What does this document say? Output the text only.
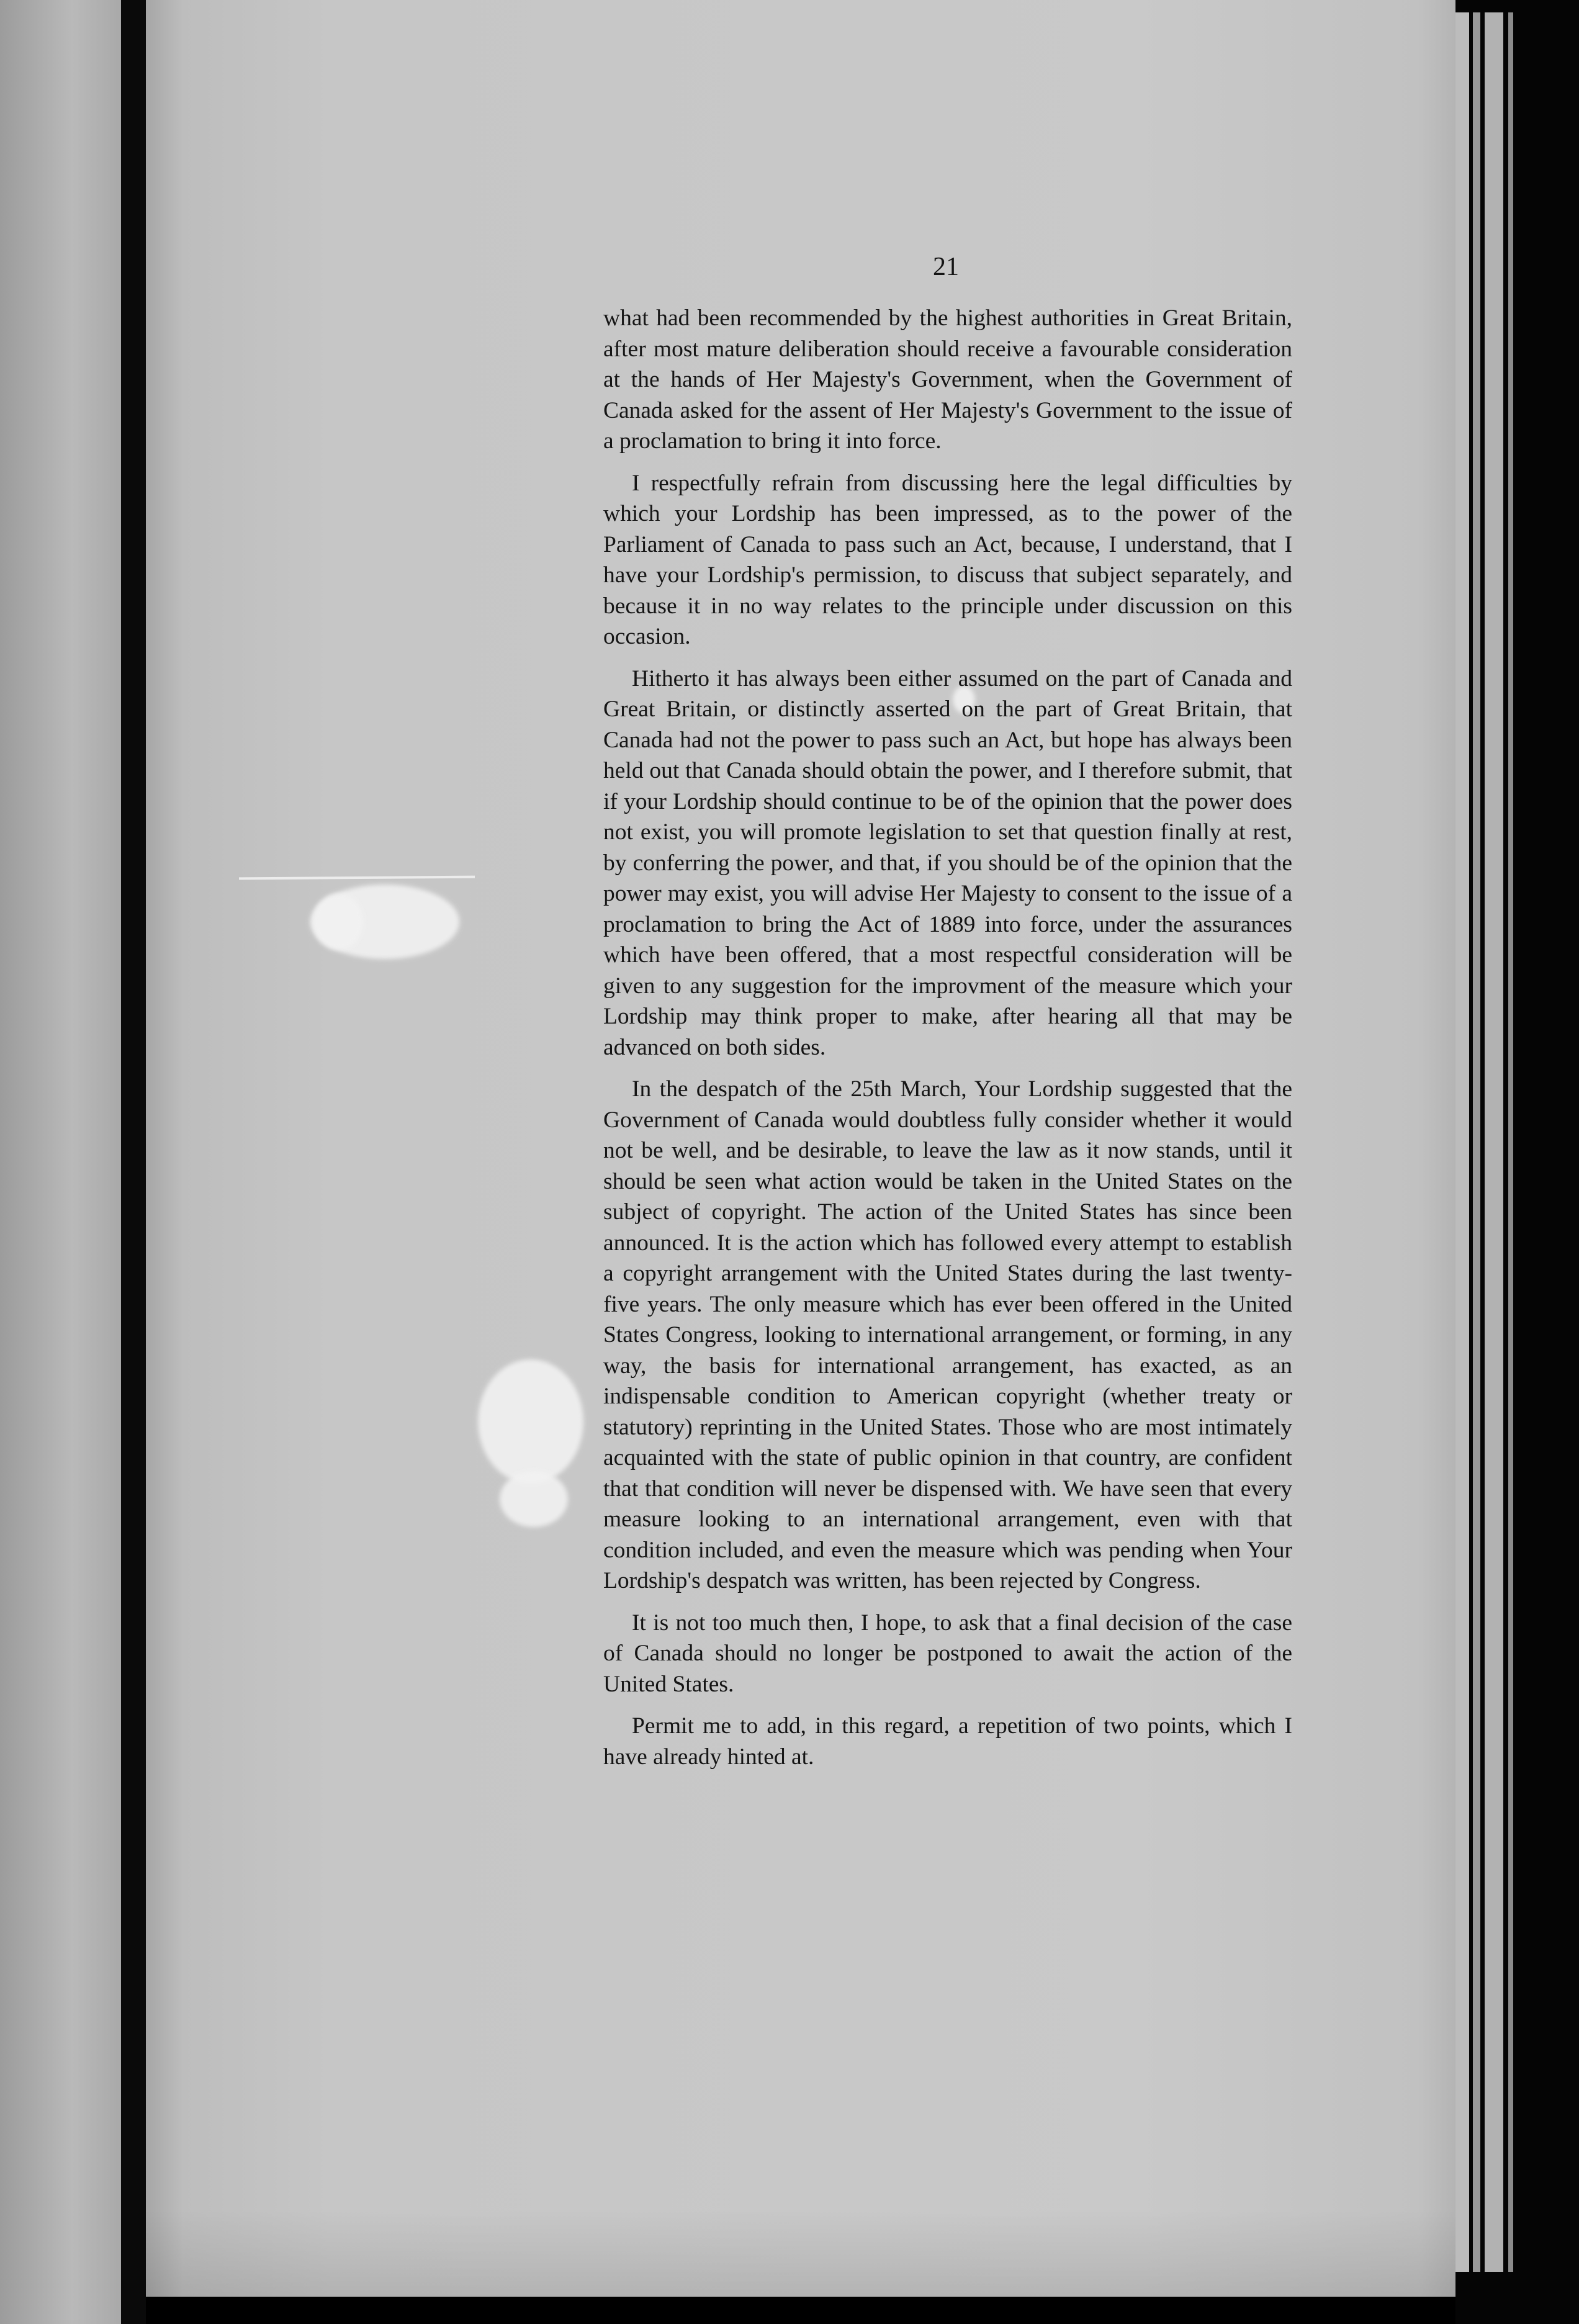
21

what had been recommended by the highest authorities in Great Britain, after most mature deliberation should receive a favourable consideration at the hands of Her Majesty's Government, when the Government of Canada asked for the assent of Her Majesty's Government to the issue of a proclamation to bring it into force.

I respectfully refrain from discussing here the legal difficulties by which your Lordship has been impressed, as to the power of the Parliament of Canada to pass such an Act, because, I understand, that I have your Lordship's permission, to discuss that subject separately, and because it in no way relates to the principle under discussion on this occasion.

Hitherto it has always been either assumed on the part of Canada and Great Britain, or distinctly asserted on the part of Great Britain, that Canada had not the power to pass such an Act, but hope has always been held out that Canada should obtain the power, and I therefore submit, that if your Lordship should continue to be of the opinion that the power does not exist, you will promote legislation to set that question finally at rest, by conferring the power, and that, if you should be of the opinion that the power may exist, you will advise Her Majesty to consent to the issue of a proclamation to bring the Act of 1889 into force, under the assurances which have been offered, that a most respectful consideration will be given to any suggestion for the improvment of the measure which your Lordship may think proper to make, after hearing all that may be advanced on both sides.

In the despatch of the 25th March, Your Lordship suggested that the Government of Canada would doubtless fully consider whether it would not be well, and be desirable, to leave the law as it now stands, until it should be seen what action would be taken in the United States on the subject of copyright. The action of the United States has since been announced. It is the action which has followed every attempt to establish a copyright arrangement with the United States during the last twenty-five years. The only measure which has ever been offered in the United States Congress, looking to international arrangement, or forming, in any way, the basis for international arrangement, has exacted, as an indispensable condition to American copyright (whether treaty or statutory) reprinting in the United States. Those who are most intimately acquainted with the state of public opinion in that country, are confident that that condition will never be dispensed with. We have seen that every measure looking to an international arrangement, even with that condition included, and even the measure which was pending when Your Lordship's despatch was written, has been rejected by Congress.

It is not too much then, I hope, to ask that a final decision of the case of Canada should no longer be postponed to await the action of the United States.

Permit me to add, in this regard, a repetition of two points, which I have already hinted at.
